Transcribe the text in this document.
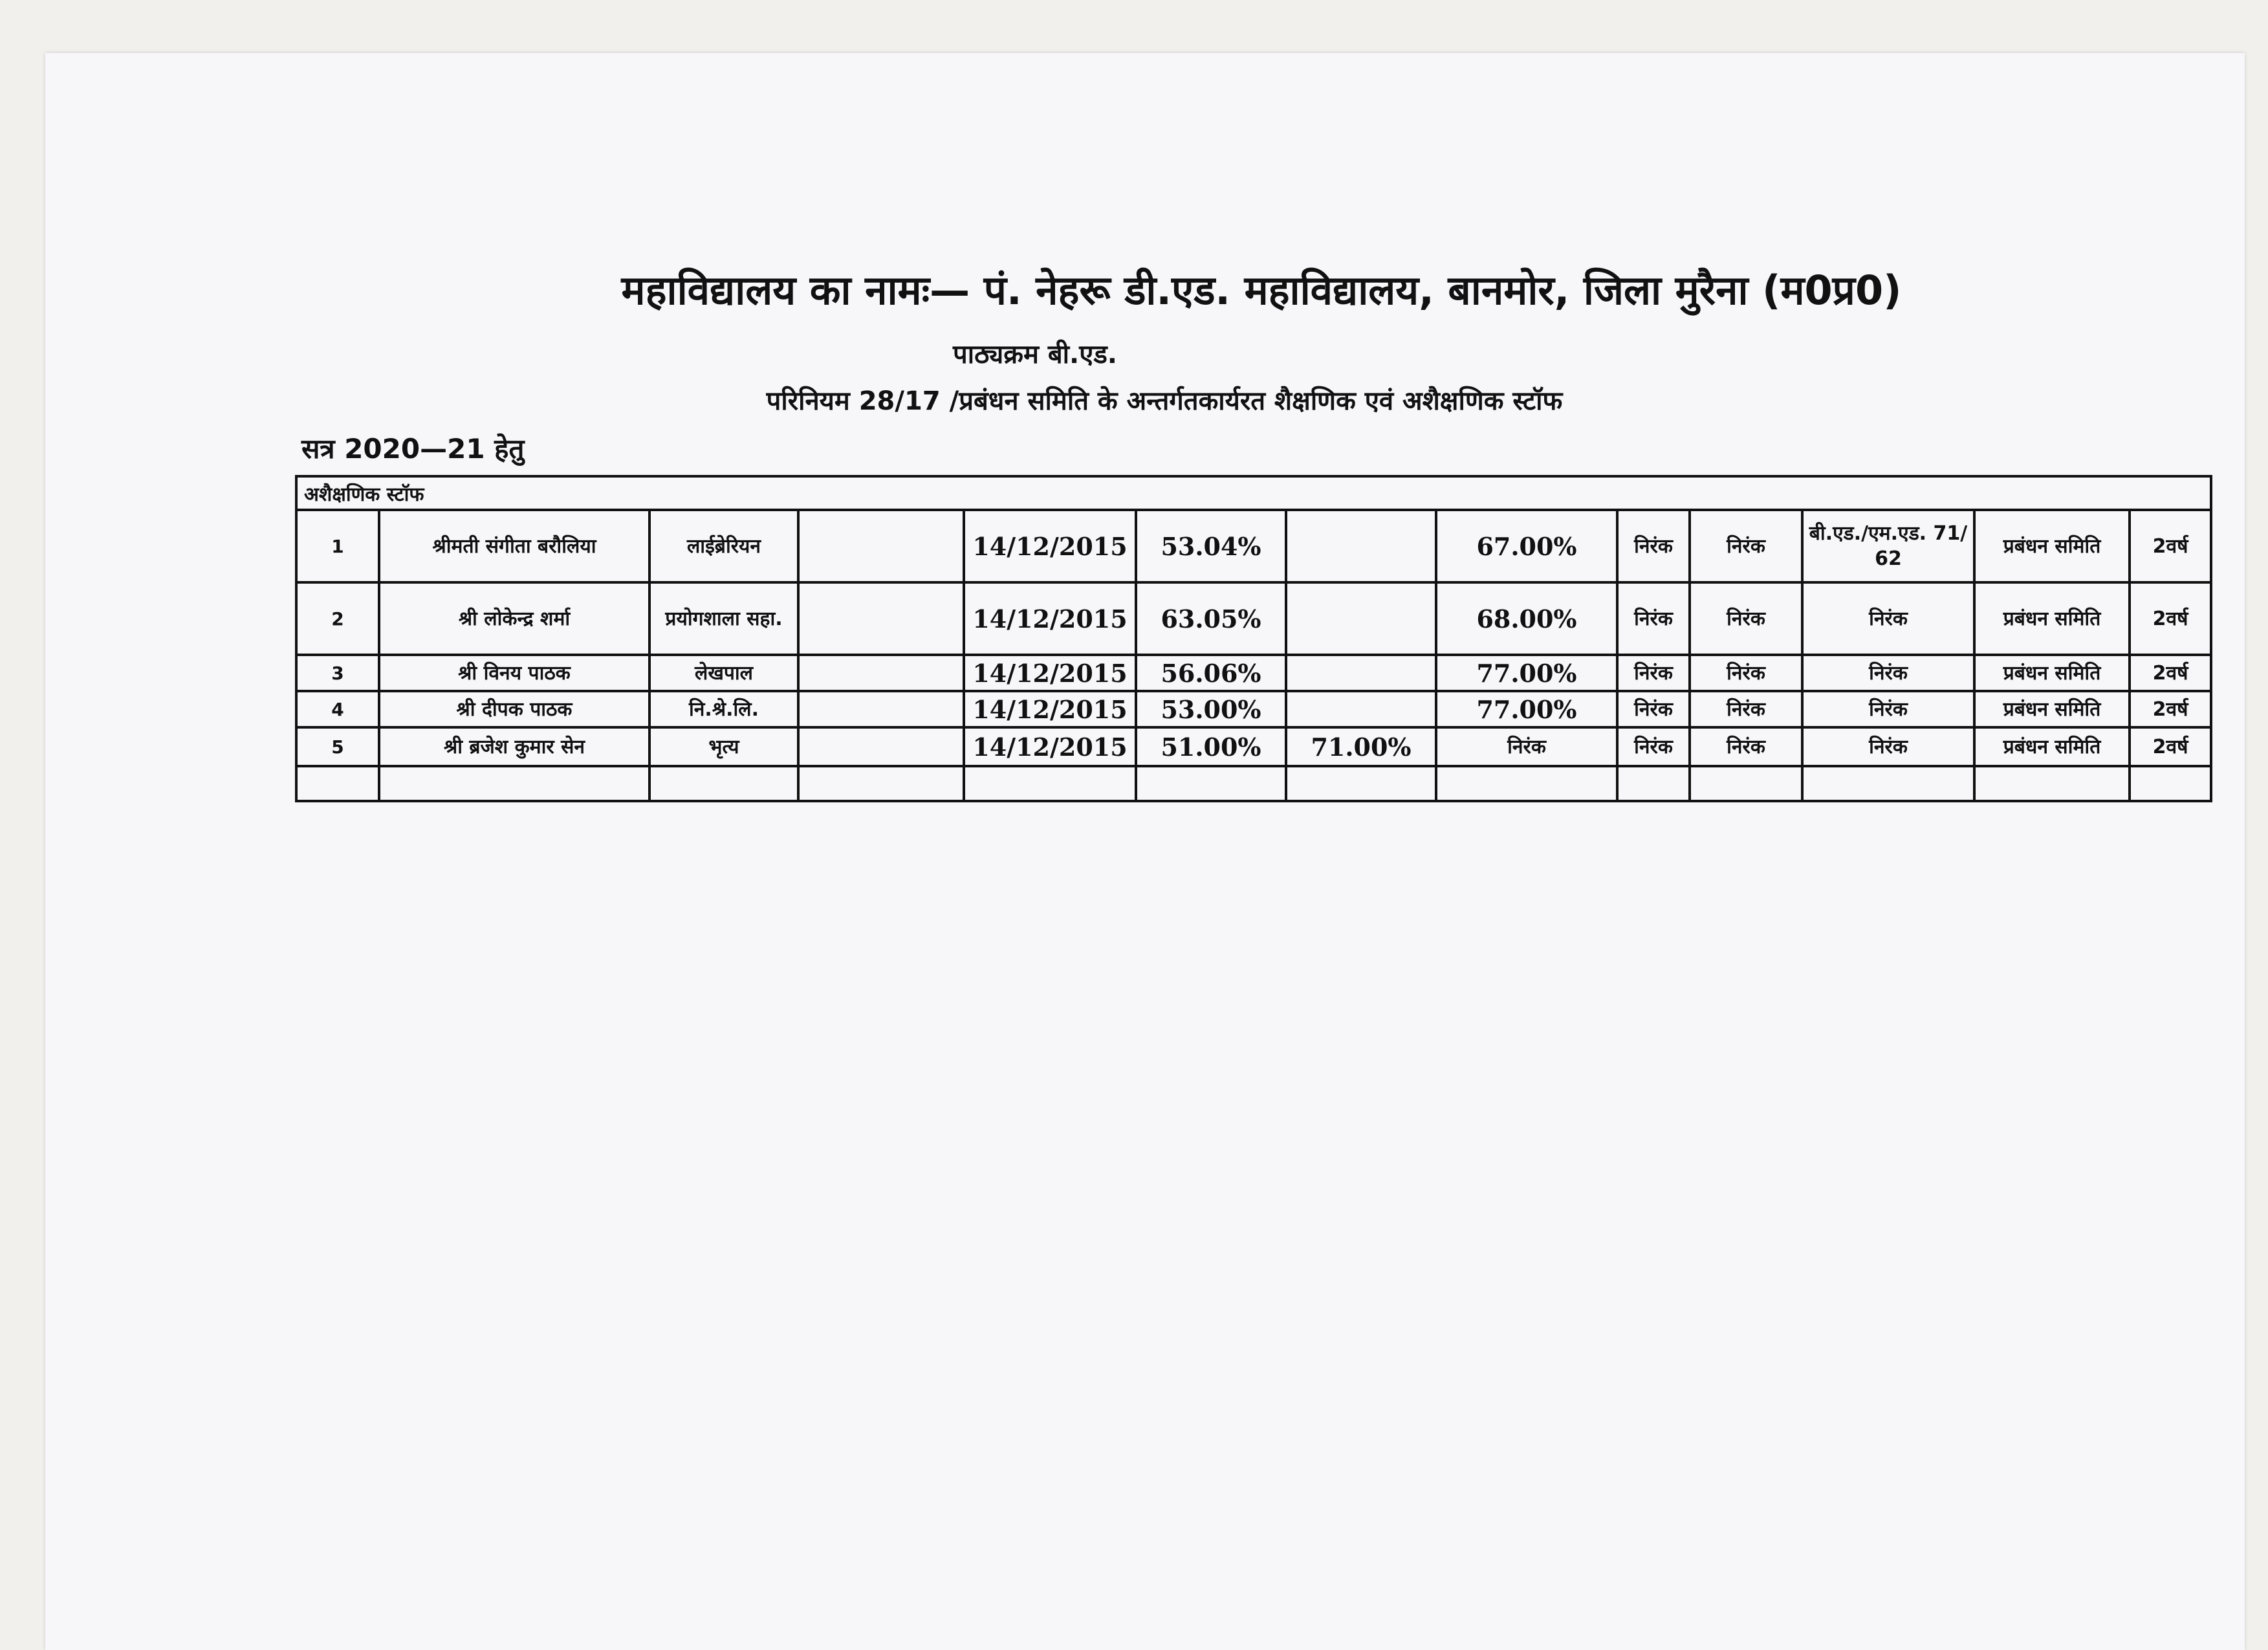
महाविद्यालय का नामः— पं. नेहरू डी.एड. महाविद्यालय, बानमोर, जिला मुरैना (म0प्र0)
पाठ्यक्रम बी.एड.
परिनियम 28/17 /प्रबंधन समिति के अन्तर्गतकार्यरत शैक्षणिक एवं अशैक्षणिक स्टॉफ
सत्र 2020—21 हेतु
अशैक्षणिक स्टॉफ												
1	श्रीमती संगीता बरौलिया	लाईब्रेरियन		14/12/2015	53.04%		67.00%	निरंक	निरंक	बी.एड./एम.एड. 71/ 62	प्रबंधन समिति	2वर्ष
2	श्री लोकेन्द्र शर्मा	प्रयोगशाला सहा.		14/12/2015	63.05%		68.00%	निरंक	निरंक	निरंक	प्रबंधन समिति	2वर्ष
3	श्री विनय पाठक	लेखपाल		14/12/2015	56.06%		77.00%	निरंक	निरंक	निरंक	प्रबंधन समिति	2वर्ष
4	श्री दीपक पाठक	नि.श्रे.लि.		14/12/2015	53.00%		77.00%	निरंक	निरंक	निरंक	प्रबंधन समिति	2वर्ष
5	श्री ब्रजेश कुमार सेन	भृत्य		14/12/2015	51.00%	71.00%	निरंक	निरंक	निरंक	निरंक	प्रबंधन समिति	2वर्ष
